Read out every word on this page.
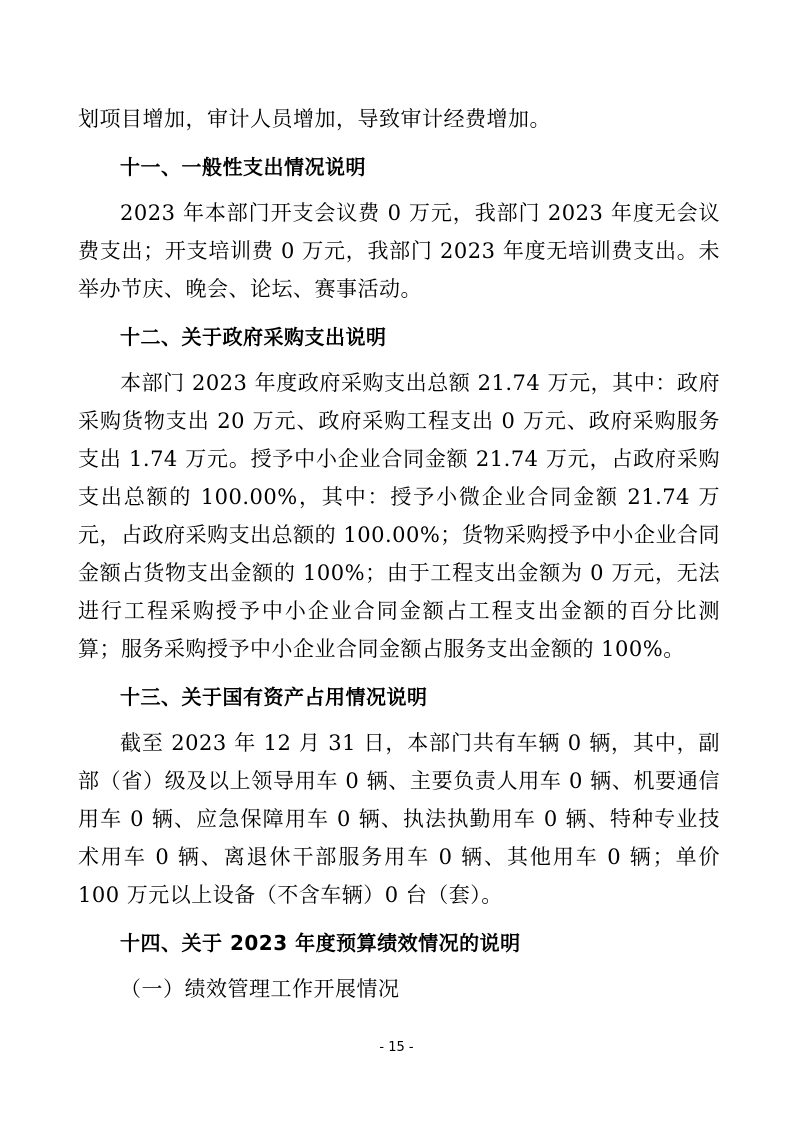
划项目增加，审计人员增加，导致审计经费增加。

十一、一般性支出情况说明

2023 年本部门开支会议费 0 万元，我部门 2023 年度无会议费支出；开支培训费 0 万元，我部门 2023 年度无培训费支出。未举办节庆、晚会、论坛、赛事活动。

十二、关于政府采购支出说明

本部门 2023 年度政府采购支出总额 21.74 万元，其中：政府采购货物支出 20 万元、政府采购工程支出 0 万元、政府采购服务支出 1.74 万元。授予中小企业合同金额 21.74 万元，占政府采购支出总额的 100.00%，其中：授予小微企业合同金额 21.74 万元，占政府采购支出总额的 100.00%；货物采购授予中小企业合同金额占货物支出金额的 100%；由于工程支出金额为 0 万元，无法进行工程采购授予中小企业合同金额占工程支出金额的百分比测算；服务采购授予中小企业合同金额占服务支出金额的 100%。

十三、关于国有资产占用情况说明

截至 2023 年 12 月 31 日，本部门共有车辆 0 辆，其中，副部（省）级及以上领导用车 0 辆、主要负责人用车 0 辆、机要通信用车 0 辆、应急保障用车 0 辆、执法执勤用车 0 辆、特种专业技术用车 0 辆、离退休干部服务用车 0 辆、其他用车 0 辆；单价 100 万元以上设备（不含车辆）0 台（套）。

十四、关于 2023 年度预算绩效情况的说明
（一）绩效管理工作开展情况
- 15 -
